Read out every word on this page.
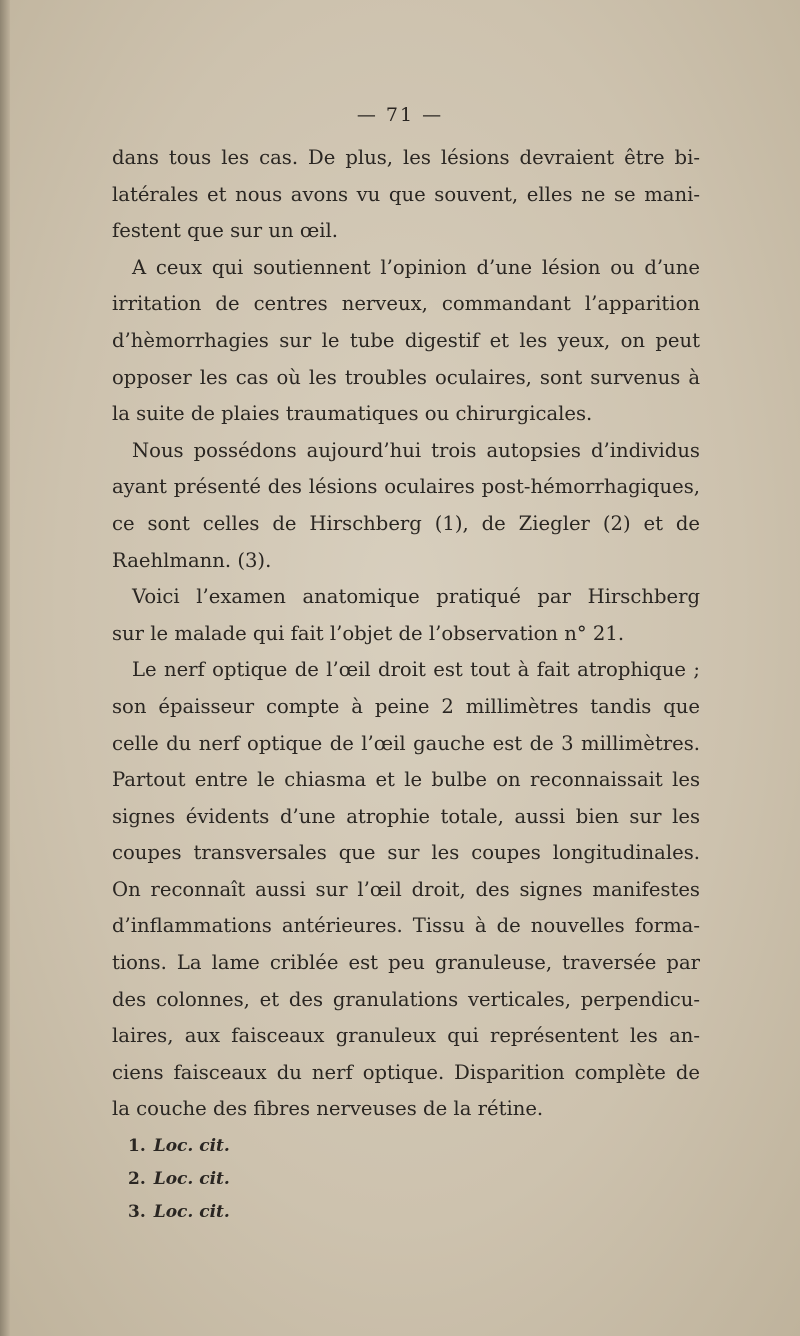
— 71 —
dans tous les cas. De plus, les lésions devraient être bi-
latérales et nous avons vu que souvent, elles ne se mani-
festent que sur un œil.
A ceux qui soutiennent l’opinion d’une lésion ou d’une
irritation de centres nerveux, commandant l’apparition
d’hèmorrhagies sur le tube digestif et les yeux, on peut
opposer les cas où les troubles oculaires, sont survenus à
la suite de plaies traumatiques ou chirurgicales.
Nous possédons aujourd’hui trois autopsies d’individus
ayant présenté des lésions oculaires post-hémorrhagiques,
ce sont celles de Hirschberg (1), de Ziegler (2) et de
Raehlmann. (3).
Voici l’examen anatomique pratiqué par Hirschberg
sur le malade qui fait l’objet de l’observation n° 21.
Le nerf optique de l’œil droit est tout à fait atrophique ;
son épaisseur compte à peine 2 millimètres tandis que
celle du nerf optique de l’œil gauche est de 3 millimètres.
Partout entre le chiasma et le bulbe on reconnaissait les
signes évidents d’une atrophie totale, aussi bien sur les
coupes transversales que sur les coupes longitudinales.
On reconnaît aussi sur l’œil droit, des signes manifestes
d’inflammations antérieures. Tissu à de nouvelles forma-
tions. La lame criblée est peu granuleuse, traversée par
des colonnes, et des granulations verticales, perpendicu-
laires, aux faisceaux granuleux qui représentent les an-
ciens faisceaux du nerf optique. Disparition complète de
la couche des fibres nerveuses de la rétine.
1. Loc. cit.
2. Loc. cit.
3. Loc. cit.
